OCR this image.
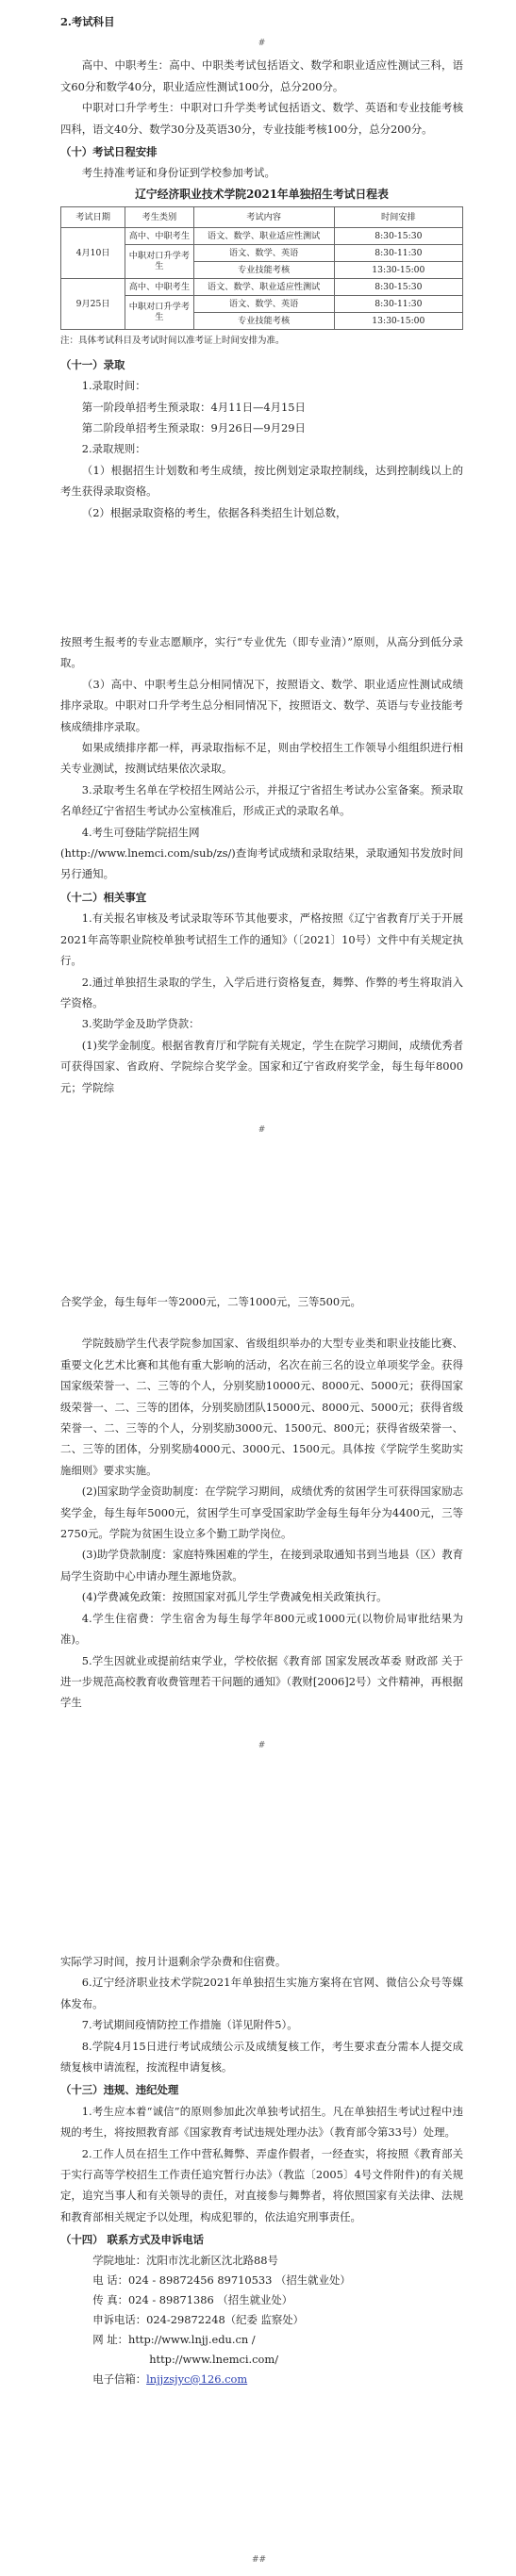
2.考试科目

#

高中、中职考生：高中、中职类考试包括语文、数学和职业适应性测试三科，语文60分和数学40分，职业适应性测试100分，总分200分。

中职对口升学考生：中职对口升学类考试包括语文、数学、英语和专业技能考核四科，语文40分、数学30分及英语30分，专业技能考核100分，总分200分。

（十）考试日程安排

考生持准考证和身份证到学校参加考试。

辽宁经济职业技术学院2021年单独招生考试日程表
考试日期	考生类别	考试内容	时间安排
4月10日	高中、中职考生	语文、数学、职业适应性测试	8:30-15:30
	中职对口升学考生	语文、数学、英语	8:30-11:30
		专业技能考核	13:30-15:00
9月25日	高中、中职考生	语文、数学、职业适应性测试	8:30-15:30
	中职对口升学考生	语文、数学、英语	8:30-11:30
		专业技能考核	13:30-15:00

注：具体考试科目及考试时间以准考证上时间安排为准。

（十一）录取

1.录取时间：

第一阶段单招考生预录取：4月11日—4月15日

第二阶段单招考生预录取：9月26日—9月29日

2.录取规则：

（1）根据招生计划数和考生成绩，按比例划定录取控制线，达到控制线以上的考生获得录取资格。

（2）根据录取资格的考生，依据各科类招生计划总数，

按照考生报考的专业志愿顺序，实行“专业优先（即专业清）”原则，从高分到低分录取。

（3）高中、中职考生总分相同情况下，按照语文、数学、职业适应性测试成绩排序录取。中职对口升学考生总分相同情况下，按照语文、数学、英语与专业技能考核成绩排序录取。

如果成绩排序都一样，再录取指标不足，则由学校招生工作领导小组组织进行相关专业测试，按测试结果依次录取。

3.录取考生名单在学校招生网站公示，并报辽宁省招生考试办公室备案。预录取名单经辽宁省招生考试办公室核准后，形成正式的录取名单。

4.考生可登陆学院招生网

(http://www.lnemci.com/sub/zs/)查询考试成绩和录取结果，录取通知书发放时间另行通知。

（十二）相关事宜

1.有关报名审核及考试录取等环节其他要求，严格按照《辽宁省教育厅关于开展2021年高等职业院校单独考试招生工作的通知》（〔2021〕10号）文件中有关规定执行。

2.通过单独招生录取的学生，入学后进行资格复查，舞弊、作弊的考生将取消入学资格。

3.奖助学金及助学贷款：

(1)奖学金制度。根据省教育厅和学院有关规定，学生在院学习期间，成绩优秀者可获得国家、省政府、学院综合奖学金。国家和辽宁省政府奖学金，每生每年8000元；学院综

#

合奖学金，每生每年一等2000元，二等1000元，三等500元。

学院鼓励学生代表学院参加国家、省级组织举办的大型专业类和职业技能比赛、重要文化艺术比赛和其他有重大影响的活动，名次在前三名的设立单项奖学金。获得国家级荣誉一、二、三等的个人，分别奖励10000元、8000元、5000元；获得国家级荣誉一、二、三等的团体，分别奖励团队15000元、8000元、5000元；获得省级荣誉一、二、三等的个人，分别奖励3000元、1500元、800元；获得省级荣誉一、二、三等的团体，分别奖励4000元、3000元、1500元。具体按《学院学生奖助实施细则》要求实施。

(2)国家助学金资助制度：在学院学习期间，成绩优秀的贫困学生可获得国家励志奖学金，每生每年5000元，贫困学生可享受国家助学金每生每年分为4400元，三等2750元。学院为贫困生设立多个勤工助学岗位。

(3)助学贷款制度：家庭特殊困难的学生，在接到录取通知书到当地县（区）教育局学生资助中心申请办理生源地贷款。

(4)学费减免政策：按照国家对孤儿学生学费减免相关政策执行。

4.学生住宿费：学生宿舍为每生每学年800元或1000元(以物价局审批结果为准)。

5.学生因就业或提前结束学业，学校依据《教育部 国家发展改革委 财政部 关于进一步规范高校教育收费管理若干问题的通知》（教财[2006]2号）文件精神，再根据学生

#

实际学习时间，按月计退剩余学杂费和住宿费。

6.辽宁经济职业技术学院2021年单独招生实施方案将在官网、微信公众号等媒体发布。

7.考试期间疫情防控工作措施（详见附件5）。

8.学院4月15日进行考试成绩公示及成绩复核工作，考生要求查分需本人提交成绩复核申请流程，按流程申请复核。

（十三）违规、违纪处理

1.考生应本着“诚信”的原则参加此次单独考试招生。凡在单独招生考试过程中违规的考生，将按照教育部《国家教育考试违规处理办法》（教育部令第33号）处理。

2.工作人员在招生工作中营私舞弊、弄虚作假者，一经查实，将按照《教育部关于实行高等学校招生工作责任追究暂行办法》（教监〔2005〕4号文件附件)的有关规定，追究当事人和有关领导的责任，对直接参与舞弊者，将依照国家有关法律、法规和教育部相关规定予以处理，构成犯罪的，依法追究刑事责任。

（十四） 联系方式及申诉电话

学院地址：沈阳市沈北新区沈北路88号

电 话：024 - 89872456 89710533 （招生就业处）

传 真：024 - 89871386 （招生就业处）

申诉电话：024-29872248（纪委 监察处）

网 址：http://www.lnjj.edu.cn /

http://www.lnemci.com/

电子信箱：lnjjzsjyc@126.com

##
